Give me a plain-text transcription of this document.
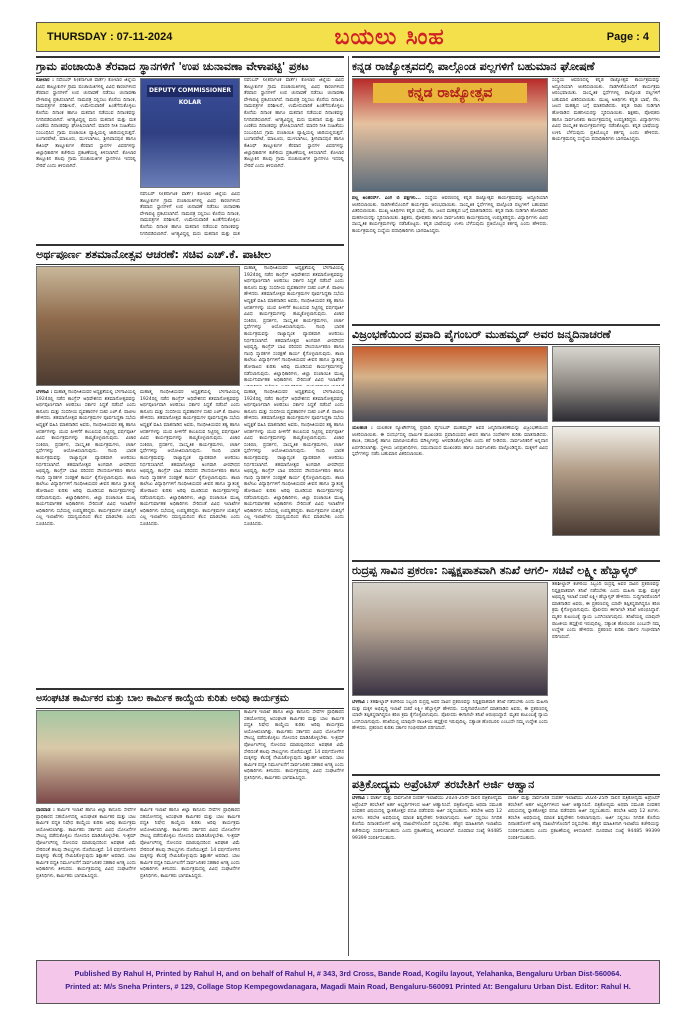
THURSDAY : 07-11-2024	ಬಯಲು ಸಿಂಹ	Page : 4
ಗ್ರಾಮ ಪಂಚಾಯಿತಿ ತೆರವಾದ ಸ್ಥಾನಗಳಿಗೆ 'ಉಪ ಚುನಾವಣಾ ವೇಳಾಪಟ್ಟಿ' ಪ್ರಕಟ
ಕೋಲಾರ : ನವೆಂಬರ್ 6(ಕರ್ನಾಟಕ ವಾರ್ತೆ) ಕೋಲಾರ ಜಿಲ್ಲೆಯ ವಿವಿಧ ತಾಲ್ಲೂಕುಗಳ ಗ್ರಾಮ ಪಂಚಾಯಿತಿಗಳಲ್ಲಿ ವಿವಿಧ ಕಾರಣಗಳಿಂದ ತೆರವಾದ ಸ್ಥಾನಗಳಿಗೆ ಉಪ ಚುನಾವಣೆ ನಡೆಸಲು ಚುನಾವಣಾ ವೇಳಾಪಟ್ಟಿ ಪ್ರಕಟಿಸಲಾಗಿದೆ. ನಾಮಪತ್ರ ಸಲ್ಲಿಸಲು ಕೊನೆಯ ದಿನಾಂಕ, ನಾಮಪತ್ರಗಳ ಪರಿಶೀಲನೆ, ಉಮೇದುವಾರಿಕೆ ಹಿಂತೆಗೆದುಕೊಳ್ಳಲು ಕೊನೆಯ ದಿನಾಂಕ ಹಾಗೂ ಮತದಾನ ನಡೆಯುವ ದಿನಾಂಕವನ್ನು ನಿಗದಿಪಡಿಸಲಾಗಿದೆ. ಅಗತ್ಯವಿದ್ದಲ್ಲಿ ಮರು ಮತದಾನ ಮತ್ತು ಮತ ಎಣಿಕೆಯ ದಿನಾಂಕವನ್ನು ಘೋಷಿಸಲಾಗಿದೆ. ಮಾದರಿ ನೀತಿ ಸಂಹಿತೆಯು ಸಂಬಂಧಿಸಿದ ಗ್ರಾಮ ಪಂಚಾಯಿತಿ ವ್ಯಾಪ್ತಿಯಲ್ಲಿ ಜಾರಿಯಲ್ಲಿರುತ್ತದೆ. ಬಂಗಾರಪೇಟೆ, ಮಾಲೂರು, ಮುಳಬಾಗಿಲು, ಶ್ರೀನಿವಾಸಪುರ ಹಾಗೂ ಕೆಜಿಎಫ್ ತಾಲ್ಲೂಕುಗಳ ತೆರವಾದ ಸ್ಥಾನಗಳ ವಿವರಗಳನ್ನು ಜಿಲ್ಲಾಧಿಕಾರಿಗಳ ಕಚೇರಿಯ ಪ್ರಕಟಣೆಯಲ್ಲಿ ತಿಳಿಸಲಾಗಿದೆ. ಕೋಲಾರ ತಾಲ್ಲೂಕಿನ ಹಲವು ಗ್ರಾಮ ಪಂಚಾಯಿತಿಗಳ ಸ್ಥಾನಗಳೂ ಇದರಲ್ಲಿ ಸೇರಿವೆ ಎಂದು ತಿಳಿಸಲಾಗಿದೆ.
DEPUTY COMMISSIONER KOLAR
ನವೆಂಬರ್ 6(ಕರ್ನಾಟಕ ವಾರ್ತೆ) ಕೋಲಾರ ಜಿಲ್ಲೆಯ ವಿವಿಧ ತಾಲ್ಲೂಕುಗಳ ಗ್ರಾಮ ಪಂಚಾಯಿತಿಗಳಲ್ಲಿ ವಿವಿಧ ಕಾರಣಗಳಿಂದ ತೆರವಾದ ಸ್ಥಾನಗಳಿಗೆ ಉಪ ಚುನಾವಣೆ ನಡೆಸಲು ಚುನಾವಣಾ ವೇಳಾಪಟ್ಟಿ ಪ್ರಕಟಿಸಲಾಗಿದೆ. ನಾಮಪತ್ರ ಸಲ್ಲಿಸಲು ಕೊನೆಯ ದಿನಾಂಕ, ನಾಮಪತ್ರಗಳ ಪರಿಶೀಲನೆ, ಉಮೇದುವಾರಿಕೆ ಹಿಂತೆಗೆದುಕೊಳ್ಳಲು ಕೊನೆಯ ದಿನಾಂಕ ಹಾಗೂ ಮತದಾನ ನಡೆಯುವ ದಿನಾಂಕವನ್ನು ನಿಗದಿಪಡಿಸಲಾಗಿದೆ. ಅಗತ್ಯವಿದ್ದಲ್ಲಿ ಮರು ಮತದಾನ ಮತ್ತು ಮತ
ನವೆಂಬರ್ 6(ಕರ್ನಾಟಕ ವಾರ್ತೆ) ಕೋಲಾರ ಜಿಲ್ಲೆಯ ವಿವಿಧ ತಾಲ್ಲೂಕುಗಳ ಗ್ರಾಮ ಪಂಚಾಯಿತಿಗಳಲ್ಲಿ ವಿವಿಧ ಕಾರಣಗಳಿಂದ ತೆರವಾದ ಸ್ಥಾನಗಳಿಗೆ ಉಪ ಚುನಾವಣೆ ನಡೆಸಲು ಚುನಾವಣಾ ವೇಳಾಪಟ್ಟಿ ಪ್ರಕಟಿಸಲಾಗಿದೆ. ನಾಮಪತ್ರ ಸಲ್ಲಿಸಲು ಕೊನೆಯ ದಿನಾಂಕ, ನಾಮಪತ್ರಗಳ ಪರಿಶೀಲನೆ, ಉಮೇದುವಾರಿಕೆ ಹಿಂತೆಗೆದುಕೊಳ್ಳಲು ಕೊನೆಯ ದಿನಾಂಕ ಹಾಗೂ ಮತದಾನ ನಡೆಯುವ ದಿನಾಂಕವನ್ನು ನಿಗದಿಪಡಿಸಲಾಗಿದೆ. ಅಗತ್ಯವಿದ್ದಲ್ಲಿ ಮರು ಮತದಾನ ಮತ್ತು ಮತ ಎಣಿಕೆಯ ದಿನಾಂಕವನ್ನು ಘೋಷಿಸಲಾಗಿದೆ. ಮಾದರಿ ನೀತಿ ಸಂಹಿತೆಯು ಸಂಬಂಧಿಸಿದ ಗ್ರಾಮ ಪಂಚಾಯಿತಿ ವ್ಯಾಪ್ತಿಯಲ್ಲಿ ಜಾರಿಯಲ್ಲಿರುತ್ತದೆ. ಬಂಗಾರಪೇಟೆ, ಮಾಲೂರು, ಮುಳಬಾಗಿಲು, ಶ್ರೀನಿವಾಸಪುರ ಹಾಗೂ ಕೆಜಿಎಫ್ ತಾಲ್ಲೂಕುಗಳ ತೆರವಾದ ಸ್ಥಾನಗಳ ವಿವರಗಳನ್ನು ಜಿಲ್ಲಾಧಿಕಾರಿಗಳ ಕಚೇರಿಯ ಪ್ರಕಟಣೆಯಲ್ಲಿ ತಿಳಿಸಲಾಗಿದೆ. ಕೋಲಾರ ತಾಲ್ಲೂಕಿನ ಹಲವು ಗ್ರಾಮ ಪಂಚಾಯಿತಿಗಳ ಸ್ಥಾನಗಳೂ ಇದರಲ್ಲಿ ಸೇರಿವೆ ಎಂದು ತಿಳಿಸಲಾಗಿದೆ.
ಕನ್ನಡ ರಾಜ್ಯೋತ್ಸವದಲ್ಲಿ ಪಾಲ್ಗೊಂಡ ಪಲ್ಲಗಳಿಗೆ ಬಹುಮಾನ ಘೋಷಣೆ
ಕನ್ನಡ ರಾಜ್ಯೋತ್ಸವ
ಪಲ್ಲ ಅಂತರರ್ಸ್. ಎಂಗ ಬಿ ಪಕ್ಷಗಳು... ಸಂಸ್ಥೆಯ ಆವರಣದಲ್ಲಿ ಕನ್ನಡ ರಾಜ್ಯೋತ್ಸವ ಕಾರ್ಯಕ್ರಮವನ್ನು ಅದ್ದೂರಿಯಾಗಿ ಆಚರಿಸಲಾಯಿತು. ನಾಡಗೀತೆಯೊಂದಿಗೆ ಕಾರ್ಯಕ್ರಮ ಆರಂಭವಾಯಿತು. ಸಾಂಸ್ಕೃತಿಕ ಸ್ಪರ್ಧೆಗಳಲ್ಲಿ ಪಾಲ್ಗೊಂಡ ಪಲ್ಲಗಳಿಗೆ ಬಹುಮಾನ ವಿತರಿಸಲಾಯಿತು. ಮುಖ್ಯ ಅತಿಥಿಗಳು ಕನ್ನಡ ಭಾಷೆ, ನೆಲ, ಜಲದ ಮಹತ್ವದ ಬಗ್ಗೆ ಮಾತನಾಡಿದರು. ಕನ್ನಡ ನಾಡು ನುಡಿಗಾಗಿ ಹೋರಾಡಿದ ಮಹನೀಯರನ್ನು ಸ್ಮರಿಸಲಾಯಿತು. ಶಿಕ್ಷಕರು, ಪೋಷಕರು ಹಾಗೂ ಸಾರ್ವಜನಿಕರು ಕಾರ್ಯಕ್ರಮದಲ್ಲಿ ಉಪಸ್ಥಿತರಿದ್ದರು. ವಿದ್ಯಾರ್ಥಿಗಳು ವಿವಿಧ ಸಾಂಸ್ಕೃತಿಕ ಕಾರ್ಯಕ್ರಮಗಳನ್ನು ನಡೆಸಿಕೊಟ್ಟರು. ಕನ್ನಡ ಭಾಷೆಯನ್ನು ಉಳಿಸಿ ಬೆಳೆಸುವುದು ಪ್ರತಿಯೊಬ್ಬರ ಕರ್ತವ್ಯ ಎಂದು ಹೇಳಿದರು. ಕಾರ್ಯಕ್ರಮದಲ್ಲಿ ಸಂಸ್ಥೆಯ ಪದಾಧಿಕಾರಿಗಳು ಭಾಗವಹಿಸಿದ್ದರು.
ಸಂಸ್ಥೆಯ ಆವರಣದಲ್ಲಿ ಕನ್ನಡ ರಾಜ್ಯೋತ್ಸವ ಕಾರ್ಯಕ್ರಮವನ್ನು ಅದ್ದೂರಿಯಾಗಿ ಆಚರಿಸಲಾಯಿತು. ನಾಡಗೀತೆಯೊಂದಿಗೆ ಕಾರ್ಯಕ್ರಮ ಆರಂಭವಾಯಿತು. ಸಾಂಸ್ಕೃತಿಕ ಸ್ಪರ್ಧೆಗಳಲ್ಲಿ ಪಾಲ್ಗೊಂಡ ಪಲ್ಲಗಳಿಗೆ ಬಹುಮಾನ ವಿತರಿಸಲಾಯಿತು. ಮುಖ್ಯ ಅತಿಥಿಗಳು ಕನ್ನಡ ಭಾಷೆ, ನೆಲ, ಜಲದ ಮಹತ್ವದ ಬಗ್ಗೆ ಮಾತನಾಡಿದರು. ಕನ್ನಡ ನಾಡು ನುಡಿಗಾಗಿ ಹೋರಾಡಿದ ಮಹನೀಯರನ್ನು ಸ್ಮರಿಸಲಾಯಿತು. ಶಿಕ್ಷಕರು, ಪೋಷಕರು ಹಾಗೂ ಸಾರ್ವಜನಿಕರು ಕಾರ್ಯಕ್ರಮದಲ್ಲಿ ಉಪಸ್ಥಿತರಿದ್ದರು. ವಿದ್ಯಾರ್ಥಿಗಳು ವಿವಿಧ ಸಾಂಸ್ಕೃತಿಕ ಕಾರ್ಯಕ್ರಮಗಳನ್ನು ನಡೆಸಿಕೊಟ್ಟರು. ಕನ್ನಡ ಭಾಷೆಯನ್ನು ಉಳಿಸಿ ಬೆಳೆಸುವುದು ಪ್ರತಿಯೊಬ್ಬರ ಕರ್ತವ್ಯ ಎಂದು ಹೇಳಿದರು. ಕಾರ್ಯಕ್ರಮದಲ್ಲಿ ಸಂಸ್ಥೆಯ ಪದಾಧಿಕಾರಿಗಳು ಭಾಗವಹಿಸಿದ್ದರು.
ಅರ್ಥಪೂರ್ಣ ಶತಮಾನೋತ್ಸವ ಆಚರಣೆ: ಸಚಿವ ಎಚ್.ಕೆ. ಪಾಟೀಲ
ಮಹಾತ್ಮ ಗಾಂಧೀಜಿಯವರ ಅಧ್ಯಕ್ಷತೆಯಲ್ಲಿ ಬೆಳಗಾವಿಯಲ್ಲಿ 1924ರಲ್ಲಿ ನಡೆದ ಕಾಂಗ್ರೆಸ್ ಅಧಿವೇಶನದ ಶತಮಾನೋತ್ಸವವನ್ನು ಅರ್ಥಪೂರ್ಣವಾಗಿ ಆಚರಿಸಲು ಸರ್ಕಾರ ಸಿದ್ಧತೆ ನಡೆಸಿದೆ ಎಂದು ಕಾನೂನು ಮತ್ತು ಸಂಸದೀಯ ವ್ಯವಹಾರಗಳ ಸಚಿವ ಎಚ್.ಕೆ. ಪಾಟೀಲ ಹೇಳಿದರು. ಶತಮಾನೋತ್ಸವ ಕಾರ್ಯಕ್ರಮಗಳ ಪೂರ್ವಸಿದ್ಧತಾ ಸಭೆಯ ಅಧ್ಯಕ್ಷತೆ ವಹಿಸಿ ಮಾತನಾಡಿದ ಅವರು, ಗಾಂಧೀಜಿಯವರ ತತ್ವ ಹಾಗೂ ಆದರ್ಶಗಳನ್ನು ಯುವ ಪೀಳಿಗೆಗೆ ತಲುಪಿಸುವ ನಿಟ್ಟಿನಲ್ಲಿ ವರ್ಷಪೂರ್ತಿ ವಿವಿಧ ಕಾರ್ಯಕ್ರಮಗಳನ್ನು ಹಮ್ಮಿಕೊಳ್ಳಲಾಗುವುದು. ವಿಚಾರ ಸಂಕಿರಣ, ಪ್ರದರ್ಶನ, ಸಾಂಸ್ಕೃತಿಕ ಕಾರ್ಯಕ್ರಮಗಳು, ಚರ್ಚಾ ಸ್ಪರ್ಧೆಗಳನ್ನು ಆಯೋಜಿಸಲಾಗುವುದು. ಗಾಂಧಿ ಭಾರತ ಕಾರ್ಯಕ್ರಮವನ್ನು ರಾಜ್ಯಾದ್ಯಂತ ವ್ಯಾಪಕವಾಗಿ ಆಚರಿಸಲು ನಿರ್ಧರಿಸಲಾಗಿದೆ. ಶತಮಾನೋತ್ಸವ ಅಂಗವಾಗಿ ವೀರಸೌಧದ ಅಭಿವೃದ್ಧಿ, ಕಾಂಗ್ರೆಸ್ ಬಾವಿ ಪರಿಸರದ ಸೌಂದರ್ಯೀಕರಣ ಹಾಗೂ ಗಾಂಧಿ ಸ್ಮಾರಕಗಳ ಸಂರಕ್ಷಣೆ ಕಾರ್ಯ ಕೈಗೊಳ್ಳಲಾಗುವುದು. ಶಾಲಾ ಕಾಲೇಜು ವಿದ್ಯಾರ್ಥಿಗಳಿಗೆ ಗಾಂಧೀಜಿಯವರ ಜೀವನ ಹಾಗೂ ಸ್ವಾತಂತ್ರ್ಯ ಹೋರಾಟದ ಕುರಿತು ಅರಿವು ಮೂಡಿಸುವ ಕಾರ್ಯಕ್ರಮಗಳನ್ನು ನಡೆಸಲಾಗುವುದು. ಜಿಲ್ಲಾಧಿಕಾರಿಗಳು, ಜಿಲ್ಲಾ ಪಂಚಾಯಿತಿ ಮುಖ್ಯ ಕಾರ್ಯನಿರ್ವಾಹಕ ಅಧಿಕಾರಿಗಳು ಸೇರಿದಂತೆ ವಿವಿಧ ಇಲಾಖೆಗಳ
ಬೆಳಗಾವಿ : ಮಹಾತ್ಮ ಗಾಂಧೀಜಿಯವರ ಅಧ್ಯಕ್ಷತೆಯಲ್ಲಿ ಬೆಳಗಾವಿಯಲ್ಲಿ 1924ರಲ್ಲಿ ನಡೆದ ಕಾಂಗ್ರೆಸ್ ಅಧಿವೇಶನದ ಶತಮಾನೋತ್ಸವವನ್ನು ಅರ್ಥಪೂರ್ಣವಾಗಿ ಆಚರಿಸಲು ಸರ್ಕಾರ ಸಿದ್ಧತೆ ನಡೆಸಿದೆ ಎಂದು ಕಾನೂನು ಮತ್ತು ಸಂಸದೀಯ ವ್ಯವಹಾರಗಳ ಸಚಿವ ಎಚ್.ಕೆ. ಪಾಟೀಲ ಹೇಳಿದರು. ಶತಮಾನೋತ್ಸವ ಕಾರ್ಯಕ್ರಮಗಳ ಪೂರ್ವಸಿದ್ಧತಾ ಸಭೆಯ ಅಧ್ಯಕ್ಷತೆ ವಹಿಸಿ ಮಾತನಾಡಿದ ಅವರು, ಗಾಂಧೀಜಿಯವರ ತತ್ವ ಹಾಗೂ ಆದರ್ಶಗಳನ್ನು ಯುವ ಪೀಳಿಗೆಗೆ ತಲುಪಿಸುವ ನಿಟ್ಟಿನಲ್ಲಿ ವರ್ಷಪೂರ್ತಿ ವಿವಿಧ ಕಾರ್ಯಕ್ರಮಗಳನ್ನು ಹಮ್ಮಿಕೊಳ್ಳಲಾಗುವುದು. ವಿಚಾರ ಸಂಕಿರಣ, ಪ್ರದರ್ಶನ, ಸಾಂಸ್ಕೃತಿಕ ಕಾರ್ಯಕ್ರಮಗಳು, ಚರ್ಚಾ ಸ್ಪರ್ಧೆಗಳನ್ನು ಆಯೋಜಿಸಲಾಗುವುದು. ಗಾಂಧಿ ಭಾರತ ಕಾರ್ಯಕ್ರಮವನ್ನು ರಾಜ್ಯಾದ್ಯಂತ ವ್ಯಾಪಕವಾಗಿ ಆಚರಿಸಲು ನಿರ್ಧರಿಸಲಾಗಿದೆ. ಶತಮಾನೋತ್ಸವ ಅಂಗವಾಗಿ ವೀರಸೌಧದ ಅಭಿವೃದ್ಧಿ, ಕಾಂಗ್ರೆಸ್ ಬಾವಿ ಪರಿಸರದ ಸೌಂದರ್ಯೀಕರಣ ಹಾಗೂ ಗಾಂಧಿ ಸ್ಮಾರಕಗಳ ಸಂರಕ್ಷಣೆ ಕಾರ್ಯ ಕೈಗೊಳ್ಳಲಾಗುವುದು. ಶಾಲಾ ಕಾಲೇಜು ವಿದ್ಯಾರ್ಥಿಗಳಿಗೆ ಗಾಂಧೀಜಿಯವರ ಜೀವನ ಹಾಗೂ ಸ್ವಾತಂತ್ರ್ಯ ಹೋರಾಟದ ಕುರಿತು ಅರಿವು ಮೂಡಿಸುವ ಕಾರ್ಯಕ್ರಮಗಳನ್ನು ನಡೆಸಲಾಗುವುದು. ಜಿಲ್ಲಾಧಿಕಾರಿಗಳು, ಜಿಲ್ಲಾ ಪಂಚಾಯಿತಿ ಮುಖ್ಯ ಕಾರ್ಯನಿರ್ವಾಹಕ ಅಧಿಕಾರಿಗಳು ಸೇರಿದಂತೆ ವಿವಿಧ ಇಲಾಖೆಗಳ ಅಧಿಕಾರಿಗಳು ಸಭೆಯಲ್ಲಿ ಉಪಸ್ಥಿತರಿದ್ದರು. ಕಾರ್ಯಕ್ರಮಗಳ ಯಶಸ್ಸಿಗೆ ಎಲ್ಲ ಇಲಾಖೆಗಳು ಸಮನ್ವಯದಿಂದ ಕೆಲಸ ಮಾಡಬೇಕು ಎಂದು ಸೂಚಿಸಿದರು.
ಮಹಾತ್ಮ ಗಾಂಧೀಜಿಯವರ ಅಧ್ಯಕ್ಷತೆಯಲ್ಲಿ ಬೆಳಗಾವಿಯಲ್ಲಿ 1924ರಲ್ಲಿ ನಡೆದ ಕಾಂಗ್ರೆಸ್ ಅಧಿವೇಶನದ ಶತಮಾನೋತ್ಸವವನ್ನು ಅರ್ಥಪೂರ್ಣವಾಗಿ ಆಚರಿಸಲು ಸರ್ಕಾರ ಸಿದ್ಧತೆ ನಡೆಸಿದೆ ಎಂದು ಕಾನೂನು ಮತ್ತು ಸಂಸದೀಯ ವ್ಯವಹಾರಗಳ ಸಚಿವ ಎಚ್.ಕೆ. ಪಾಟೀಲ ಹೇಳಿದರು. ಶತಮಾನೋತ್ಸವ ಕಾರ್ಯಕ್ರಮಗಳ ಪೂರ್ವಸಿದ್ಧತಾ ಸಭೆಯ ಅಧ್ಯಕ್ಷತೆ ವಹಿಸಿ ಮಾತನಾಡಿದ ಅವರು, ಗಾಂಧೀಜಿಯವರ ತತ್ವ ಹಾಗೂ ಆದರ್ಶಗಳನ್ನು ಯುವ ಪೀಳಿಗೆಗೆ ತಲುಪಿಸುವ ನಿಟ್ಟಿನಲ್ಲಿ ವರ್ಷಪೂರ್ತಿ ವಿವಿಧ ಕಾರ್ಯಕ್ರಮಗಳನ್ನು ಹಮ್ಮಿಕೊಳ್ಳಲಾಗುವುದು. ವಿಚಾರ ಸಂಕಿರಣ, ಪ್ರದರ್ಶನ, ಸಾಂಸ್ಕೃತಿಕ ಕಾರ್ಯಕ್ರಮಗಳು, ಚರ್ಚಾ ಸ್ಪರ್ಧೆಗಳನ್ನು ಆಯೋಜಿಸಲಾಗುವುದು. ಗಾಂಧಿ ಭಾರತ ಕಾರ್ಯಕ್ರಮವನ್ನು ರಾಜ್ಯಾದ್ಯಂತ ವ್ಯಾಪಕವಾಗಿ ಆಚರಿಸಲು ನಿರ್ಧರಿಸಲಾಗಿದೆ. ಶತಮಾನೋತ್ಸವ ಅಂಗವಾಗಿ ವೀರಸೌಧದ ಅಭಿವೃದ್ಧಿ, ಕಾಂಗ್ರೆಸ್ ಬಾವಿ ಪರಿಸರದ ಸೌಂದರ್ಯೀಕರಣ ಹಾಗೂ ಗಾಂಧಿ ಸ್ಮಾರಕಗಳ ಸಂರಕ್ಷಣೆ ಕಾರ್ಯ ಕೈಗೊಳ್ಳಲಾಗುವುದು. ಶಾಲಾ ಕಾಲೇಜು ವಿದ್ಯಾರ್ಥಿಗಳಿಗೆ ಗಾಂಧೀಜಿಯವರ ಜೀವನ ಹಾಗೂ ಸ್ವಾತಂತ್ರ್ಯ ಹೋರಾಟದ ಕುರಿತು ಅರಿವು ಮೂಡಿಸುವ ಕಾರ್ಯಕ್ರಮಗಳನ್ನು ನಡೆಸಲಾಗುವುದು. ಜಿಲ್ಲಾಧಿಕಾರಿಗಳು, ಜಿಲ್ಲಾ ಪಂಚಾಯಿತಿ ಮುಖ್ಯ ಕಾರ್ಯನಿರ್ವಾಹಕ ಅಧಿಕಾರಿಗಳು ಸೇರಿದಂತೆ ವಿವಿಧ ಇಲಾಖೆಗಳ ಅಧಿಕಾರಿಗಳು ಸಭೆಯಲ್ಲಿ ಉಪಸ್ಥಿತರಿದ್ದರು. ಕಾರ್ಯಕ್ರಮಗಳ ಯಶಸ್ಸಿಗೆ ಎಲ್ಲ ಇಲಾಖೆಗಳು ಸಮನ್ವಯದಿಂದ ಕೆಲಸ ಮಾಡಬೇಕು ಎಂದು ಸೂಚಿಸಿದರು.
ಮಹಾತ್ಮ ಗಾಂಧೀಜಿಯವರ ಅಧ್ಯಕ್ಷತೆಯಲ್ಲಿ ಬೆಳಗಾವಿಯಲ್ಲಿ 1924ರಲ್ಲಿ ನಡೆದ ಕಾಂಗ್ರೆಸ್ ಅಧಿವೇಶನದ ಶತಮಾನೋತ್ಸವವನ್ನು ಅರ್ಥಪೂರ್ಣವಾಗಿ ಆಚರಿಸಲು ಸರ್ಕಾರ ಸಿದ್ಧತೆ ನಡೆಸಿದೆ ಎಂದು ಕಾನೂನು ಮತ್ತು ಸಂಸದೀಯ ವ್ಯವಹಾರಗಳ ಸಚಿವ ಎಚ್.ಕೆ. ಪಾಟೀಲ ಹೇಳಿದರು. ಶತಮಾನೋತ್ಸವ ಕಾರ್ಯಕ್ರಮಗಳ ಪೂರ್ವಸಿದ್ಧತಾ ಸಭೆಯ ಅಧ್ಯಕ್ಷತೆ ವಹಿಸಿ ಮಾತನಾಡಿದ ಅವರು, ಗಾಂಧೀಜಿಯವರ ತತ್ವ ಹಾಗೂ ಆದರ್ಶಗಳನ್ನು ಯುವ ಪೀಳಿಗೆಗೆ ತಲುಪಿಸುವ ನಿಟ್ಟಿನಲ್ಲಿ ವರ್ಷಪೂರ್ತಿ ವಿವಿಧ ಕಾರ್ಯಕ್ರಮಗಳನ್ನು ಹಮ್ಮಿಕೊಳ್ಳಲಾಗುವುದು. ವಿಚಾರ ಸಂಕಿರಣ, ಪ್ರದರ್ಶನ, ಸಾಂಸ್ಕೃತಿಕ ಕಾರ್ಯಕ್ರಮಗಳು, ಚರ್ಚಾ ಸ್ಪರ್ಧೆಗಳನ್ನು ಆಯೋಜಿಸಲಾಗುವುದು. ಗಾಂಧಿ ಭಾರತ ಕಾರ್ಯಕ್ರಮವನ್ನು ರಾಜ್ಯಾದ್ಯಂತ ವ್ಯಾಪಕವಾಗಿ ಆಚರಿಸಲು ನಿರ್ಧರಿಸಲಾಗಿದೆ. ಶತಮಾನೋತ್ಸವ ಅಂಗವಾಗಿ ವೀರಸೌಧದ ಅಭಿವೃದ್ಧಿ, ಕಾಂಗ್ರೆಸ್ ಬಾವಿ ಪರಿಸರದ ಸೌಂದರ್ಯೀಕರಣ ಹಾಗೂ ಗಾಂಧಿ ಸ್ಮಾರಕಗಳ ಸಂರಕ್ಷಣೆ ಕಾರ್ಯ ಕೈಗೊಳ್ಳಲಾಗುವುದು. ಶಾಲಾ ಕಾಲೇಜು ವಿದ್ಯಾರ್ಥಿಗಳಿಗೆ ಗಾಂಧೀಜಿಯವರ ಜೀವನ ಹಾಗೂ ಸ್ವಾತಂತ್ರ್ಯ ಹೋರಾಟದ ಕುರಿತು ಅರಿವು ಮೂಡಿಸುವ ಕಾರ್ಯಕ್ರಮಗಳನ್ನು ನಡೆಸಲಾಗುವುದು. ಜಿಲ್ಲಾಧಿಕಾರಿಗಳು, ಜಿಲ್ಲಾ ಪಂಚಾಯಿತಿ ಮುಖ್ಯ ಕಾರ್ಯನಿರ್ವಾಹಕ ಅಧಿಕಾರಿಗಳು ಸೇರಿದಂತೆ ವಿವಿಧ ಇಲಾಖೆಗಳ ಅಧಿಕಾರಿಗಳು ಸಭೆಯಲ್ಲಿ ಉಪಸ್ಥಿತರಿದ್ದರು. ಕಾರ್ಯಕ್ರಮಗಳ ಯಶಸ್ಸಿಗೆ ಎಲ್ಲ ಇಲಾಖೆಗಳು ಸಮನ್ವಯದಿಂದ ಕೆಲಸ ಮಾಡಬೇಕು ಎಂದು ಸೂಚಿಸಿದರು.
ವಿಜ್ರಂಭಣೆಯಿಂದ ಪ್ರವಾದಿ ಪೈಗಂಬರ್ ಮುಹಮ್ಮದ್ ಅವರ ಜನ್ಮದಿನಾಚರಣೆ
ಯಲಹಂಕ : ಯಲಹಂಕ ನ್ಯೂಟೌನ್‌ನಲ್ಲಿ ಪ್ರವಾದಿ ಪೈಗಂಬರ್ ಮುಹಮ್ಮದ್ ಅವರ ಜನ್ಮದಿನಾಚರಣೆಯನ್ನು ವಿಜ್ರಂಭಣೆಯಿಂದ ಆಚರಿಸಲಾಯಿತು. ಈ ಸಂದರ್ಭದಲ್ಲಿ ಧಾರ್ಮಿಕ ಮುಖಂಡರು ಪ್ರವಾದಿಯವರ ಜೀವನ ಹಾಗೂ ಸಂದೇಶಗಳ ಕುರಿತು ಮಾತನಾಡಿದರು. ಶಾಂತಿ, ಸಹಬಾಳ್ವೆ ಹಾಗೂ ಮಾನವೀಯತೆಯ ಮೌಲ್ಯಗಳನ್ನು ಅಳವಡಿಸಿಕೊಳ್ಳಬೇಕು ಎಂದು ಕರೆ ನೀಡಿದರು. ಸಾರ್ವಜನಿಕರಿಗೆ ಅನ್ನದಾನ ಏರ್ಪಡಿಸಲಾಗಿತ್ತು. ಸ್ಥಳೀಯ ಜನಪ್ರತಿನಿಧಿಗಳು, ಸಮುದಾಯದ ಮುಖಂಡರು ಹಾಗೂ ಸಾರ್ವಜನಿಕರು ಪಾಲ್ಗೊಂಡಿದ್ದರು. ಮಕ್ಕಳಿಗೆ ವಿವಿಧ ಸ್ಪರ್ಧೆಗಳನ್ನು ನಡೆಸಿ ಬಹುಮಾನ ವಿತರಿಸಲಾಯಿತು.
ರುದ್ರಪ್ಪ ಸಾವಿನ ಪ್ರಕರಣ: ನಿಷ್ಪಕ್ಷಪಾತವಾಗಿ ತನಿಖೆ ಆಗಲಿ- ಸಚಿವೆ ಲಕ್ಷ್ಮೀ ಹೆಬ್ಬಾಳ್ಕರ್
ತಹಶೀಲ್ದಾರ್ ಕಚೇರಿಯ ಸಿಬ್ಬಂದಿ ರುದ್ರಪ್ಪ ಅವರ ಸಾವಿನ ಪ್ರಕರಣವನ್ನು ನಿಷ್ಪಕ್ಷಪಾತವಾಗಿ ತನಿಖೆ ನಡೆಸಬೇಕು ಎಂದು ಮಹಿಳಾ ಮತ್ತು ಮಕ್ಕಳ ಅಭಿವೃದ್ಧಿ ಇಲಾಖೆ ಸಚಿವೆ ಲಕ್ಷ್ಮೀ ಹೆಬ್ಬಾಳ್ಕರ್ ಹೇಳಿದರು. ಸುದ್ದಿಗಾರರೊಂದಿಗೆ ಮಾತನಾಡಿದ ಅವರು, ಈ ಪ್ರಕರಣದಲ್ಲಿ ಯಾರೇ ತಪ್ಪಿತಸ್ಥರಾಗಿದ್ದರೂ ಕಠಿಣ ಕ್ರಮ ಕೈಗೊಳ್ಳಲಾಗುವುದು. ಪೊಲೀಸರು ಈಗಾಗಲೇ ತನಿಖೆ ಆರಂಭಿಸಿದ್ದಾರೆ. ಮೃತರ ಕುಟುಂಬಕ್ಕೆ ನ್ಯಾಯ ಒದಗಿಸಲಾಗುವುದು. ತನಿಖೆಯಲ್ಲಿ ಯಾವುದೇ ರಾಜಕೀಯ ಹಸ್ತಕ್ಷೇಪ ಇರುವುದಿಲ್ಲ. ಸತ್ಯಾಂಶ ಹೊರಬರಲಿ ಎಂಬುದೇ ನಮ್ಮ ಉದ್ದೇಶ ಎಂದು ಹೇಳಿದರು. ಪ್ರಕರಣದ ಕುರಿತು ಸರ್ಕಾರ ಗಂಭೀರವಾಗಿ ಪರಿಗಣಿಸಿದೆ.
ಬೆಳಗಾವಿ : ತಹಶೀಲ್ದಾರ್ ಕಚೇರಿಯ ಸಿಬ್ಬಂದಿ ರುದ್ರಪ್ಪ ಅವರ ಸಾವಿನ ಪ್ರಕರಣವನ್ನು ನಿಷ್ಪಕ್ಷಪಾತವಾಗಿ ತನಿಖೆ ನಡೆಸಬೇಕು ಎಂದು ಮಹಿಳಾ ಮತ್ತು ಮಕ್ಕಳ ಅಭಿವೃದ್ಧಿ ಇಲಾಖೆ ಸಚಿವೆ ಲಕ್ಷ್ಮೀ ಹೆಬ್ಬಾಳ್ಕರ್ ಹೇಳಿದರು. ಸುದ್ದಿಗಾರರೊಂದಿಗೆ ಮಾತನಾಡಿದ ಅವರು, ಈ ಪ್ರಕರಣದಲ್ಲಿ ಯಾರೇ ತಪ್ಪಿತಸ್ಥರಾಗಿದ್ದರೂ ಕಠಿಣ ಕ್ರಮ ಕೈಗೊಳ್ಳಲಾಗುವುದು. ಪೊಲೀಸರು ಈಗಾಗಲೇ ತನಿಖೆ ಆರಂಭಿಸಿದ್ದಾರೆ. ಮೃತರ ಕುಟುಂಬಕ್ಕೆ ನ್ಯಾಯ ಒದಗಿಸಲಾಗುವುದು. ತನಿಖೆಯಲ್ಲಿ ಯಾವುದೇ ರಾಜಕೀಯ ಹಸ್ತಕ್ಷೇಪ ಇರುವುದಿಲ್ಲ. ಸತ್ಯಾಂಶ ಹೊರಬರಲಿ ಎಂಬುದೇ ನಮ್ಮ ಉದ್ದೇಶ ಎಂದು ಹೇಳಿದರು. ಪ್ರಕರಣದ ಕುರಿತು ಸರ್ಕಾರ ಗಂಭೀರವಾಗಿ ಪರಿಗಣಿಸಿದೆ.
ಅಸಂಘಟಿತ ಕಾರ್ಮಿಕರ ಮತ್ತು ಬಾಲ ಕಾರ್ಮಿಕ ಕಾಯ್ದೆಯ ಕುರಿತು ಅರಿವು ಕಾರ್ಯಕ್ರಮ
ಕಾರ್ಮಿಕ ಇಲಾಖೆ ಹಾಗೂ ಜಿಲ್ಲಾ ಕಾನೂನು ಸೇವೆಗಳ ಪ್ರಾಧಿಕಾರದ ಸಹಯೋಗದಲ್ಲಿ ಅಸಂಘಟಿತ ಕಾರ್ಮಿಕರ ಮತ್ತು ಬಾಲ ಕಾರ್ಮಿಕ ಪದ್ಧತಿ ನಿಷೇಧ ಕಾಯ್ದೆಯ ಕುರಿತು ಅರಿವು ಕಾರ್ಯಕ್ರಮ ಆಯೋಜಿಸಲಾಗಿತ್ತು. ಕಾರ್ಮಿಕರು ಸರ್ಕಾರದ ವಿವಿಧ ಯೋಜನೆಗಳ ಸೌಲಭ್ಯ ಪಡೆದುಕೊಳ್ಳಲು ನೋಂದಣಿ ಮಾಡಿಸಿಕೊಳ್ಳಬೇಕು. ಇ-ಶ್ರಮ್ ಪೋರ್ಟಲ್‌ನಲ್ಲಿ ನೋಂದಣಿ ಮಾಡುವುದರಿಂದ ಅಪಘಾತ ವಿಮೆ ಸೇರಿದಂತೆ ಹಲವು ಸೌಲಭ್ಯಗಳು ದೊರೆಯುತ್ತವೆ. 14 ವರ್ಷದೊಳಗಿನ ಮಕ್ಕಳನ್ನು ಕೆಲಸಕ್ಕೆ ನೇಮಿಸಿಕೊಳ್ಳುವುದು ಶಿಕ್ಷಾರ್ಹ ಅಪರಾಧ. ಬಾಲ ಕಾರ್ಮಿಕ ಪದ್ಧತಿ ನಿರ್ಮೂಲನೆಗೆ ಸಾರ್ವಜನಿಕರ ಸಹಕಾರ ಅಗತ್ಯ ಎಂದು ಅಧಿಕಾರಿಗಳು ತಿಳಿಸಿದರು. ಕಾರ್ಯಕ್ರಮದಲ್ಲಿ ವಿವಿಧ ಸಂಘಟನೆಗಳ ಪ್ರತಿನಿಧಿಗಳು, ಕಾರ್ಮಿಕರು ಭಾಗವಹಿಸಿದ್ದರು.
ಧಾರವಾಡ : ಕಾರ್ಮಿಕ ಇಲಾಖೆ ಹಾಗೂ ಜಿಲ್ಲಾ ಕಾನೂನು ಸೇವೆಗಳ ಪ್ರಾಧಿಕಾರದ ಸಹಯೋಗದಲ್ಲಿ ಅಸಂಘಟಿತ ಕಾರ್ಮಿಕರ ಮತ್ತು ಬಾಲ ಕಾರ್ಮಿಕ ಪದ್ಧತಿ ನಿಷೇಧ ಕಾಯ್ದೆಯ ಕುರಿತು ಅರಿವು ಕಾರ್ಯಕ್ರಮ ಆಯೋಜಿಸಲಾಗಿತ್ತು. ಕಾರ್ಮಿಕರು ಸರ್ಕಾರದ ವಿವಿಧ ಯೋಜನೆಗಳ ಸೌಲಭ್ಯ ಪಡೆದುಕೊಳ್ಳಲು ನೋಂದಣಿ ಮಾಡಿಸಿಕೊಳ್ಳಬೇಕು. ಇ-ಶ್ರಮ್ ಪೋರ್ಟಲ್‌ನಲ್ಲಿ ನೋಂದಣಿ ಮಾಡುವುದರಿಂದ ಅಪಘಾತ ವಿಮೆ ಸೇರಿದಂತೆ ಹಲವು ಸೌಲಭ್ಯಗಳು ದೊರೆಯುತ್ತವೆ. 14 ವರ್ಷದೊಳಗಿನ ಮಕ್ಕಳನ್ನು ಕೆಲಸಕ್ಕೆ ನೇಮಿಸಿಕೊಳ್ಳುವುದು ಶಿಕ್ಷಾರ್ಹ ಅಪರಾಧ. ಬಾಲ ಕಾರ್ಮಿಕ ಪದ್ಧತಿ ನಿರ್ಮೂಲನೆಗೆ ಸಾರ್ವಜನಿಕರ ಸಹಕಾರ ಅಗತ್ಯ ಎಂದು ಅಧಿಕಾರಿಗಳು ತಿಳಿಸಿದರು. ಕಾರ್ಯಕ್ರಮದಲ್ಲಿ ವಿವಿಧ ಸಂಘಟನೆಗಳ ಪ್ರತಿನಿಧಿಗಳು, ಕಾರ್ಮಿಕರು ಭಾಗವಹಿಸಿದ್ದರು.
ಕಾರ್ಮಿಕ ಇಲಾಖೆ ಹಾಗೂ ಜಿಲ್ಲಾ ಕಾನೂನು ಸೇವೆಗಳ ಪ್ರಾಧಿಕಾರದ ಸಹಯೋಗದಲ್ಲಿ ಅಸಂಘಟಿತ ಕಾರ್ಮಿಕರ ಮತ್ತು ಬಾಲ ಕಾರ್ಮಿಕ ಪದ್ಧತಿ ನಿಷೇಧ ಕಾಯ್ದೆಯ ಕುರಿತು ಅರಿವು ಕಾರ್ಯಕ್ರಮ ಆಯೋಜಿಸಲಾಗಿತ್ತು. ಕಾರ್ಮಿಕರು ಸರ್ಕಾರದ ವಿವಿಧ ಯೋಜನೆಗಳ ಸೌಲಭ್ಯ ಪಡೆದುಕೊಳ್ಳಲು ನೋಂದಣಿ ಮಾಡಿಸಿಕೊಳ್ಳಬೇಕು. ಇ-ಶ್ರಮ್ ಪೋರ್ಟಲ್‌ನಲ್ಲಿ ನೋಂದಣಿ ಮಾಡುವುದರಿಂದ ಅಪಘಾತ ವಿಮೆ ಸೇರಿದಂತೆ ಹಲವು ಸೌಲಭ್ಯಗಳು ದೊರೆಯುತ್ತವೆ. 14 ವರ್ಷದೊಳಗಿನ ಮಕ್ಕಳನ್ನು ಕೆಲಸಕ್ಕೆ ನೇಮಿಸಿಕೊಳ್ಳುವುದು ಶಿಕ್ಷಾರ್ಹ ಅಪರಾಧ. ಬಾಲ ಕಾರ್ಮಿಕ ಪದ್ಧತಿ ನಿರ್ಮೂಲನೆಗೆ ಸಾರ್ವಜನಿಕರ ಸಹಕಾರ ಅಗತ್ಯ ಎಂದು ಅಧಿಕಾರಿಗಳು ತಿಳಿಸಿದರು. ಕಾರ್ಯಕ್ರಮದಲ್ಲಿ ವಿವಿಧ ಸಂಘಟನೆಗಳ ಪ್ರತಿನಿಧಿಗಳು, ಕಾರ್ಮಿಕರು ಭಾಗವಹಿಸಿದ್ದರು.
ಪತ್ರಿಕೋದ್ಯಮ ಅಪ್ರೆಂಟಿಸ್ ತರಬೇತಿಗೆ ಅರ್ಜಿ ಆಹ್ವಾನ
ಬೆಳಗಾವಿ : ವಾರ್ತಾ ಮತ್ತು ಸಾರ್ವಜನಿಕ ಸಂಪರ್ಕ ಇಲಾಖೆಯು 2024-25ನೇ ಸಾಲಿನ ಪತ್ರಿಕೋದ್ಯಮ ಅಪ್ರೆಂಟಿಸ್ ತರಬೇತಿಗೆ ಅರ್ಹ ಅಭ್ಯರ್ಥಿಗಳಿಂದ ಅರ್ಜಿ ಆಹ್ವಾನಿಸಿದೆ. ಪತ್ರಿಕೋದ್ಯಮ ಅಥವಾ ಸಮೂಹ ಸಂವಹನ ವಿಷಯದಲ್ಲಿ ಸ್ನಾತಕೋತ್ತರ ಪದವಿ ಪಡೆದವರು ಅರ್ಜಿ ಸಲ್ಲಿಸಬಹುದು. ತರಬೇತಿ ಅವಧಿ 12 ತಿಂಗಳು. ತರಬೇತಿ ಅವಧಿಯಲ್ಲಿ ಮಾಸಿಕ ಶಿಷ್ಯವೇತನ ನೀಡಲಾಗುವುದು. ಅರ್ಜಿ ಸಲ್ಲಿಸಲು ನಿಗದಿತ ಕೊನೆಯ ದಿನಾಂಕದೊಳಗೆ ಅಗತ್ಯ ದಾಖಲೆಗಳೊಂದಿಗೆ ಸಲ್ಲಿಸಬೇಕು. ಹೆಚ್ಚಿನ ಮಾಹಿತಿಗಾಗಿ ಇಲಾಖೆಯ ಕಚೇರಿಯನ್ನು ಸಂಪರ್ಕಿಸಬಹುದು ಎಂದು ಪ್ರಕಟಣೆಯಲ್ಲಿ ತಿಳಿಸಲಾಗಿದೆ. ದೂರವಾಣಿ ಸಂಖ್ಯೆ 94485 99399 ಸಂಪರ್ಕಿಸಬಹುದು.
ವಾರ್ತಾ ಮತ್ತು ಸಾರ್ವಜನಿಕ ಸಂಪರ್ಕ ಇಲಾಖೆಯು 2024-25ನೇ ಸಾಲಿನ ಪತ್ರಿಕೋದ್ಯಮ ಅಪ್ರೆಂಟಿಸ್ ತರಬೇತಿಗೆ ಅರ್ಹ ಅಭ್ಯರ್ಥಿಗಳಿಂದ ಅರ್ಜಿ ಆಹ್ವಾನಿಸಿದೆ. ಪತ್ರಿಕೋದ್ಯಮ ಅಥವಾ ಸಮೂಹ ಸಂವಹನ ವಿಷಯದಲ್ಲಿ ಸ್ನಾತಕೋತ್ತರ ಪದವಿ ಪಡೆದವರು ಅರ್ಜಿ ಸಲ್ಲಿಸಬಹುದು. ತರಬೇತಿ ಅವಧಿ 12 ತಿಂಗಳು. ತರಬೇತಿ ಅವಧಿಯಲ್ಲಿ ಮಾಸಿಕ ಶಿಷ್ಯವೇತನ ನೀಡಲಾಗುವುದು. ಅರ್ಜಿ ಸಲ್ಲಿಸಲು ನಿಗದಿತ ಕೊನೆಯ ದಿನಾಂಕದೊಳಗೆ ಅಗತ್ಯ ದಾಖಲೆಗಳೊಂದಿಗೆ ಸಲ್ಲಿಸಬೇಕು. ಹೆಚ್ಚಿನ ಮಾಹಿತಿಗಾಗಿ ಇಲಾಖೆಯ ಕಚೇರಿಯನ್ನು ಸಂಪರ್ಕಿಸಬಹುದು ಎಂದು ಪ್ರಕಟಣೆಯಲ್ಲಿ ತಿಳಿಸಲಾಗಿದೆ. ದೂರವಾಣಿ ಸಂಖ್ಯೆ 94485 99399 ಸಂಪರ್ಕಿಸಬಹುದು.
Published By Rahul H, Printed by Rahul H, and on behalf of Rahul H, # 343, 3rd Cross, Bande Road, Kogilu layout, Yelahanka, Bengaluru Urban Dist-560064.
Printed at: M/s Sneha Printers, # 129, Collage Stop Kempegowdanagara, Magadi Main Road, Bengaluru-560091 Printed At: Bengaluru Urban Dist. Editor: Rahul H.
